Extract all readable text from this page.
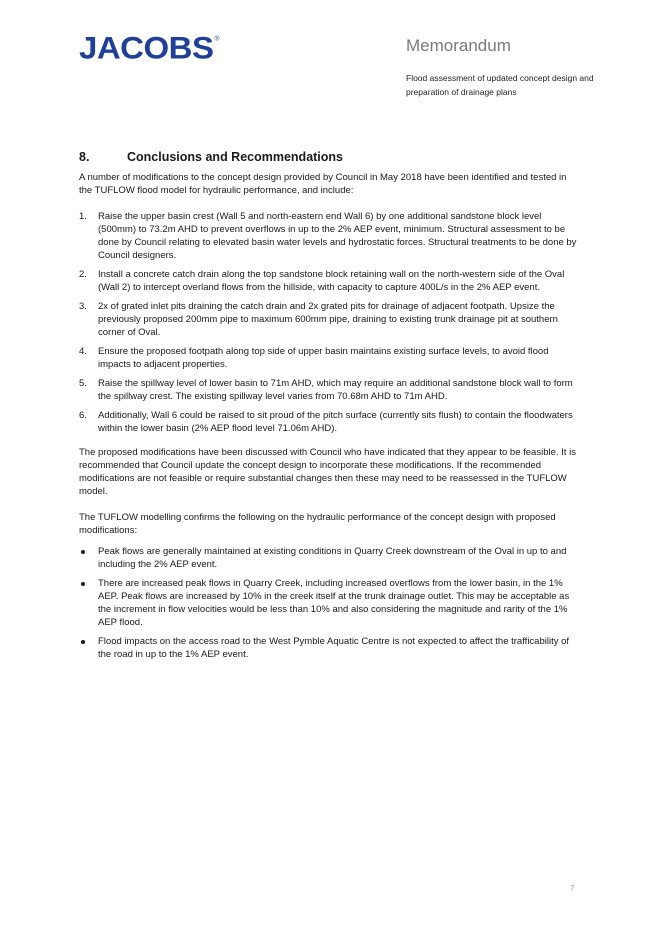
JACOBS®	Memorandum
Flood assessment of updated concept design and preparation of drainage plans
8.	Conclusions and Recommendations

A number of modifications to the concept design provided by Council in May 2018 have been identified and tested in the TUFLOW flood model for hydraulic performance, and include:

1. Raise the upper basin crest (Wall 5 and north-eastern end Wall 6) by one additional sandstone block level (500mm) to 73.2m AHD to prevent overflows in up to the 2% AEP event, minimum. Structural assessment to be done by Council relating to elevated basin water levels and hydrostatic forces. Structural treatments to be done by Council designers.
2. Install a concrete catch drain along the top sandstone block retaining wall on the north-western side of the Oval (Wall 2) to intercept overland flows from the hillside, with capacity to capture 400L/s in the 2% AEP event.
3. 2x of grated inlet pits draining the catch drain and 2x grated pits for drainage of adjacent footpath. Upsize the previously proposed 200mm pipe to maximum 600mm pipe, draining to existing trunk drainage pit at southern corner of Oval.
4. Ensure the proposed footpath along top side of upper basin maintains existing surface levels, to avoid flood impacts to adjacent properties.
5. Raise the spillway level of lower basin to 71m AHD, which may require an additional sandstone block wall to form the spillway crest. The existing spillway level varies from 70.68m AHD to 71m AHD.
6. Additionally, Wall 6 could be raised to sit proud of the pitch surface (currently sits flush) to contain the floodwaters within the lower basin (2% AEP flood level 71.06m AHD).

The proposed modifications have been discussed with Council who have indicated that they appear to be feasible. It is recommended that Council update the concept design to incorporate these modifications. If the recommended modifications are not feasible or require substantial changes then these may need to be reassessed in the TUFLOW model.

The TUFLOW modelling confirms the following on the hydraulic performance of the concept design with proposed modifications:

Peak flows are generally maintained at existing conditions in Quarry Creek downstream of the Oval in up to and including the 2% AEP event.
There are increased peak flows in Quarry Creek, including increased overflows from the lower basin, in the 1% AEP. Peak flows are increased by 10% in the creek itself at the trunk drainage outlet. This may be acceptable as the increment in flow velocities would be less than 10% and also considering the magnitude and rarity of the 1% AEP flood.
Flood impacts on the access road to the West Pymble Aquatic Centre is not expected to affect the trafficability of the road in up to the 1% AEP event.
7
